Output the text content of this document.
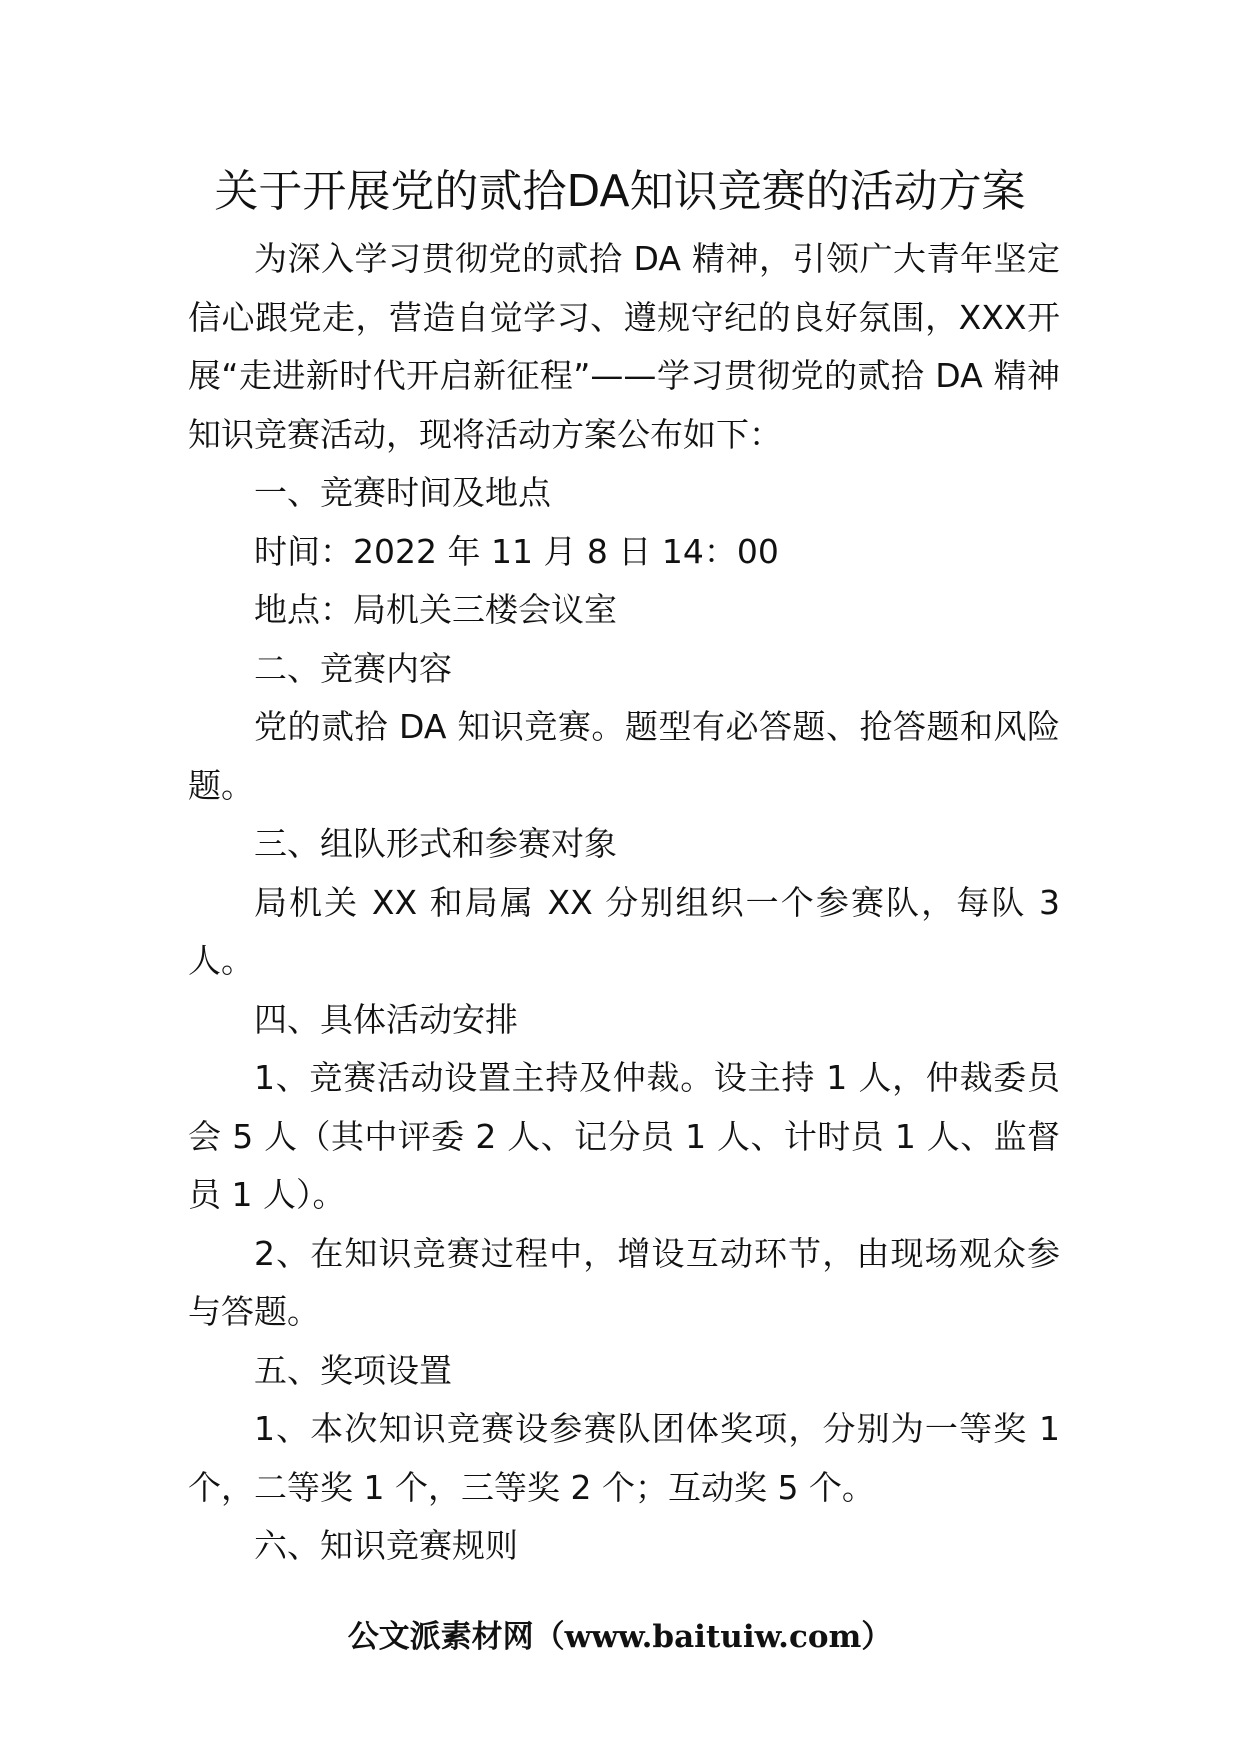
关于开展党的贰拾DA知识竞赛的活动方案

为深入学习贯彻党的贰拾 DA 精神，引领广大青年坚定信心跟党走，营造自觉学习、遵规守纪的良好氛围，XXX开展“走进新时代开启新征程”——学习贯彻党的贰拾 DA 精神知识竞赛活动，现将活动方案公布如下：

一、竞赛时间及地点

时间：2022 年 11 月 8 日 14：00

地点：局机关三楼会议室

二、竞赛内容

党的贰拾 DA 知识竞赛。题型有必答题、抢答题和风险题。

三、组队形式和参赛对象

局机关 XX 和局属 XX 分别组织一个参赛队，每队 3 人。

四、具体活动安排

1、竞赛活动设置主持及仲裁。设主持 1 人，仲裁委员会 5 人（其中评委 2 人、记分员 1 人、计时员 1 人、监督员 1 人）。

2、在知识竞赛过程中，增设互动环节，由现场观众参与答题。

五、奖项设置

1、本次知识竞赛设参赛队团体奖项，分别为一等奖 1 个，二等奖 1 个，三等奖 2 个；互动奖 5 个。

六、知识竞赛规则

公文派素材网（www.baituiw.com）
